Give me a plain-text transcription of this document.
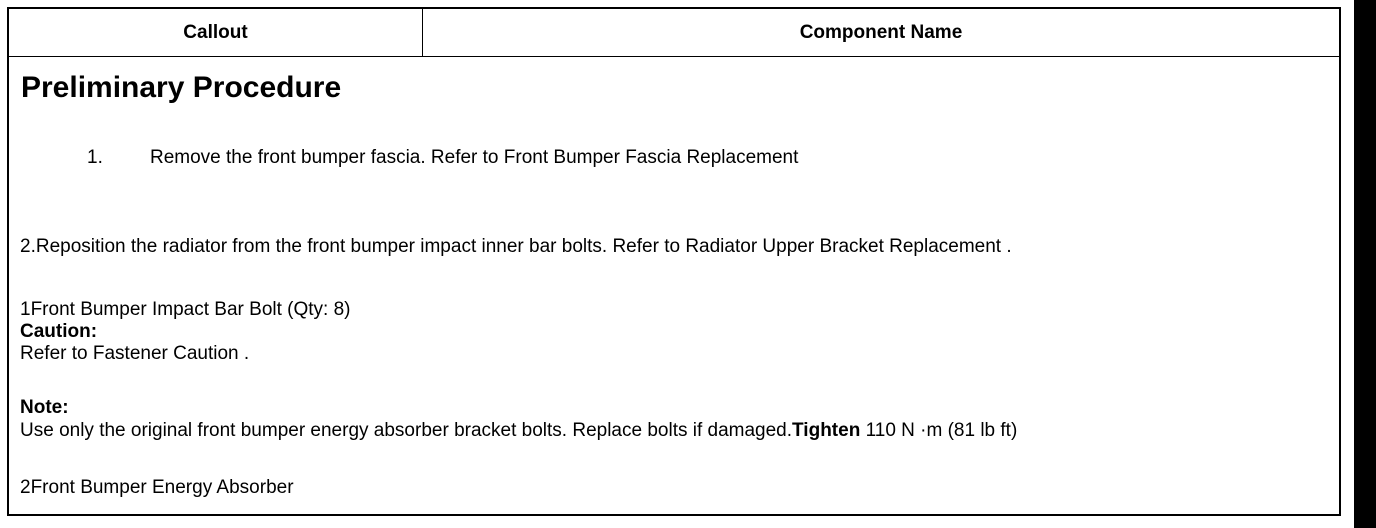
Callout	Component Name
Preliminary Procedure
1. Remove the front bumper fascia. Refer to Front Bumper Fascia Replacement
2.Reposition the radiator from the front bumper impact inner bar bolts. Refer to Radiator Upper Bracket Replacement .
1Front Bumper Impact Bar Bolt (Qty: 8)
Caution:
Refer to Fastener Caution .
Note:
Use only the original front bumper energy absorber bracket bolts. Replace bolts if damaged.Tighten 110 N ·m (81 lb ft)
2Front Bumper Energy Absorber
